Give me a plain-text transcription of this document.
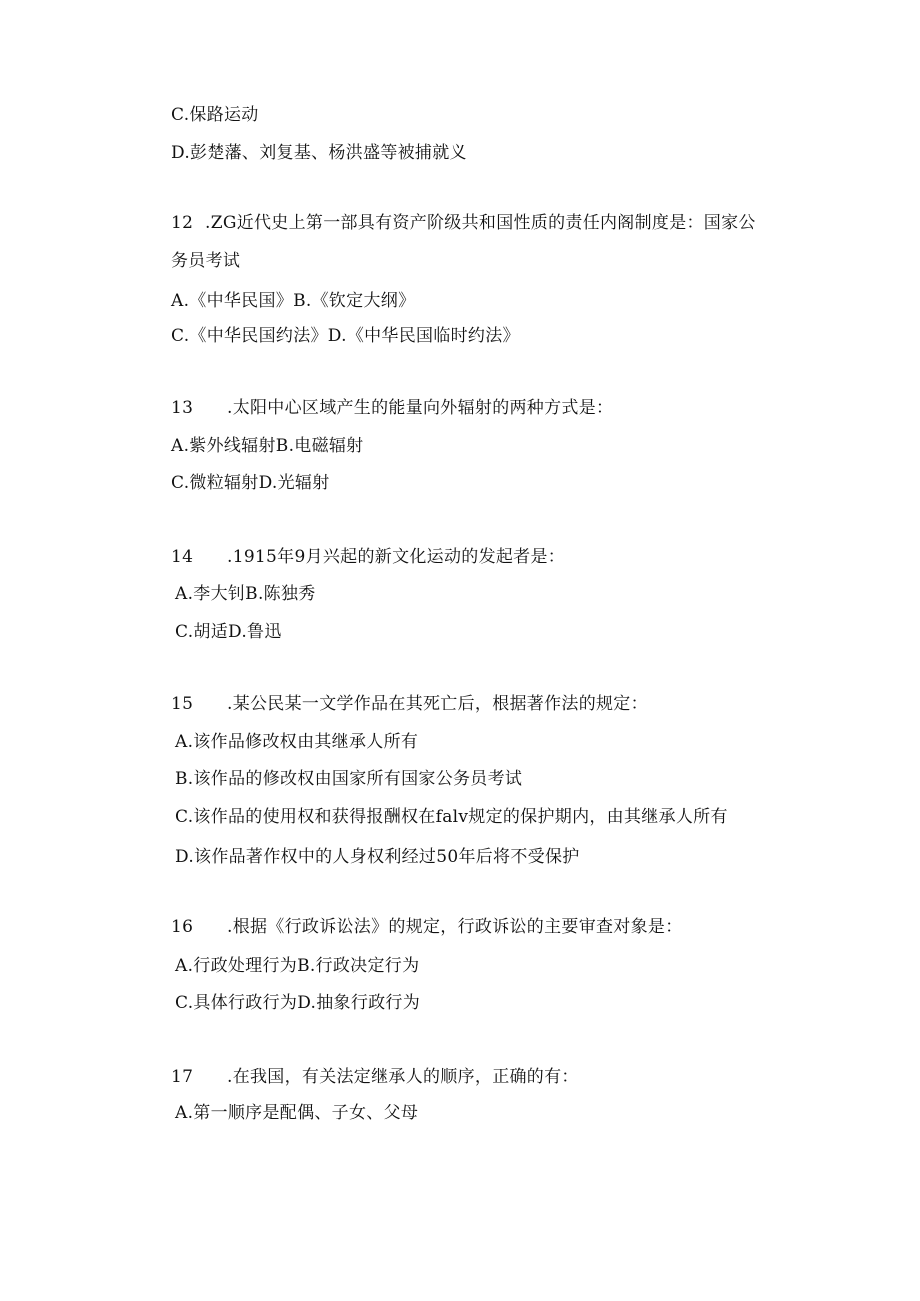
C.保路运动
D.彭楚藩、刘复基、杨洪盛等被捕就义
12 .ZG近代史上第一部具有资产阶级共和国性质的责任内阁制度是：国家公
务员考试
A.《中华民国》B.《钦定大纲》
C.《中华民国约法》D.《中华民国临时约法》
13 .太阳中心区域产生的能量向外辐射的两种方式是：
A.紫外线辐射B.电磁辐射
C.微粒辐射D.光辐射
14 .1915年9月兴起的新文化运动的发起者是：
A.李大钊B.陈独秀
C.胡适D.鲁迅
15 .某公民某一文学作品在其死亡后，根据著作法的规定：
A.该作品修改权由其继承人所有
B.该作品的修改权由国家所有国家公务员考试
C.该作品的使用权和获得报酬权在falv规定的保护期内，由其继承人所有
D.该作品著作权中的人身权利经过50年后将不受保护
16 .根据《行政诉讼法》的规定，行政诉讼的主要审查对象是：
A.行政处理行为B.行政决定行为
C.具体行政行为D.抽象行政行为
17 .在我国，有关法定继承人的顺序，正确的有：
A.第一顺序是配偶、子女、父母
